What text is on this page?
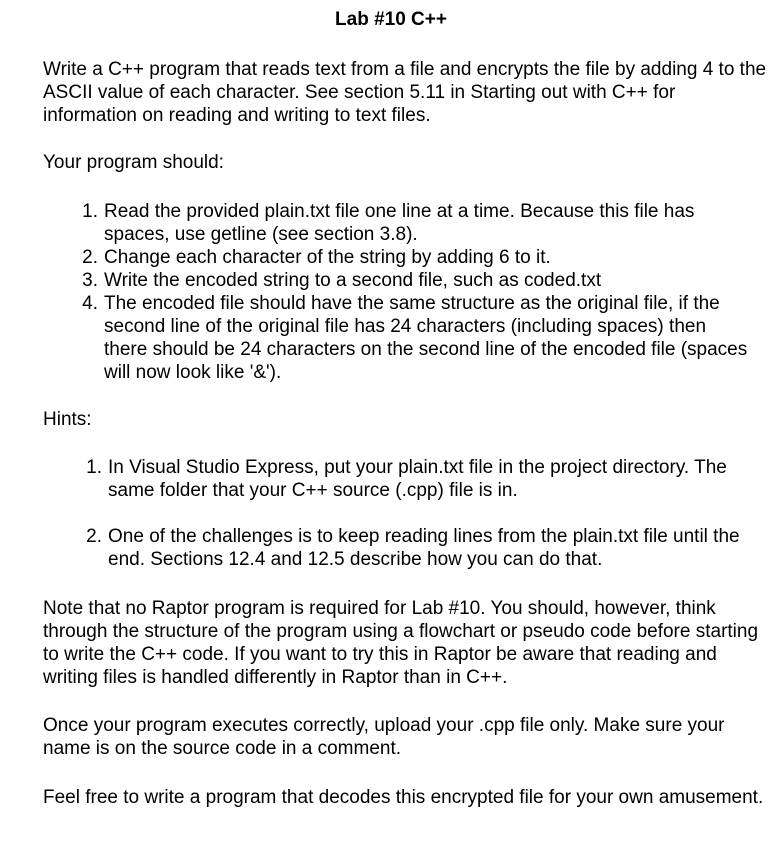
Lab #10 C++

Write a C++ program that reads text from a file and encrypts the file by adding 4 to the ASCII value of each character. See section 5.11 in Starting out with C++ for information on reading and writing to text files.

Your program should:

1. Read the provided plain.txt file one line at a time. Because this file has spaces, use getline (see section 3.8).
2. Change each character of the string by adding 6 to it.
3. Write the encoded string to a second file, such as coded.txt
4. The encoded file should have the same structure as the original file, if the second line of the original file has 24 characters (including spaces) then there should be 24 characters on the second line of the encoded file (spaces will now look like '&').

Hints:

1. In Visual Studio Express, put your plain.txt file in the project directory. The same folder that your C++ source (.cpp) file is in.
2. One of the challenges is to keep reading lines from the plain.txt file until the end. Sections 12.4 and 12.5 describe how you can do that.

Note that no Raptor program is required for Lab #10. You should, however, think through the structure of the program using a flowchart or pseudo code before starting to write the C++ code. If you want to try this in Raptor be aware that reading and writing files is handled differently in Raptor than in C++.

Once your program executes correctly, upload your .cpp file only. Make sure your name is on the source code in a comment.

Feel free to write a program that decodes this encrypted file for your own amusement.
